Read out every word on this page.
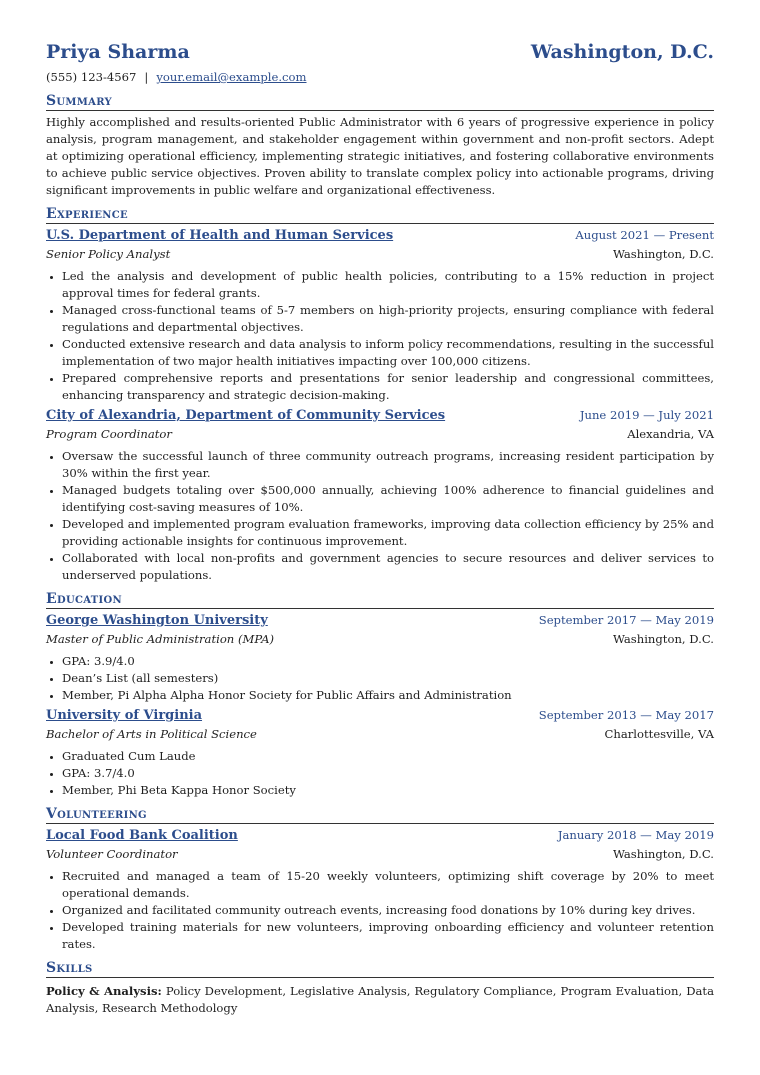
Priya Sharma	Washington, D.C.
(555) 123-4567 | your.email@example.com
Summary
Highly accomplished and results-oriented Public Administrator with 6 years of progressive experience in policy analysis, program management, and stakeholder engagement within government and non-profit sectors. Adept at optimizing operational efficiency, implementing strategic initiatives, and fostering collaborative environments to achieve public service objectives. Proven ability to translate complex policy into actionable programs, driving significant improvements in public welfare and organizational effectiveness.
Experience
U.S. Department of Health and Human Services	August 2021 — Present
Senior Policy Analyst	Washington, D.C.
• Led the analysis and development of public health policies, contributing to a 15% reduction in project approval times for federal grants.
• Managed cross-functional teams of 5-7 members on high-priority projects, ensuring compliance with federal regulations and departmental objectives.
• Conducted extensive research and data analysis to inform policy recommendations, resulting in the successful implementation of two major health initiatives impacting over 100,000 citizens.
• Prepared comprehensive reports and presentations for senior leadership and congressional committees, enhancing transparency and strategic decision-making.
City of Alexandria, Department of Community Services	June 2019 — July 2021
Program Coordinator	Alexandria, VA
• Oversaw the successful launch of three community outreach programs, increasing resident participation by 30% within the first year.
• Managed budgets totaling over $500,000 annually, achieving 100% adherence to financial guidelines and identifying cost-saving measures of 10%.
• Developed and implemented program evaluation frameworks, improving data collection efficiency by 25% and providing actionable insights for continuous improvement.
• Collaborated with local non-profits and government agencies to secure resources and deliver services to underserved populations.
Education
George Washington University	September 2017 — May 2019
Master of Public Administration (MPA)	Washington, D.C.
• GPA: 3.9/4.0
• Dean’s List (all semesters)
• Member, Pi Alpha Alpha Honor Society for Public Affairs and Administration
University of Virginia	September 2013 — May 2017
Bachelor of Arts in Political Science	Charlottesville, VA
• Graduated Cum Laude
• GPA: 3.7/4.0
• Member, Phi Beta Kappa Honor Society
Volunteering
Local Food Bank Coalition	January 2018 — May 2019
Volunteer Coordinator	Washington, D.C.
• Recruited and managed a team of 15-20 weekly volunteers, optimizing shift coverage by 20% to meet operational demands.
• Organized and facilitated community outreach events, increasing food donations by 10% during key drives.
• Developed training materials for new volunteers, improving onboarding efficiency and volunteer retention rates.
Skills
Policy & Analysis: Policy Development, Legislative Analysis, Regulatory Compliance, Program Evaluation, Data Analysis, Research Methodology
